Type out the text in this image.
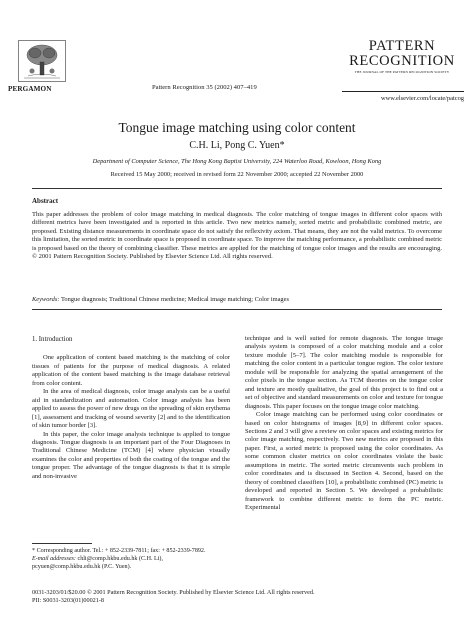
PERGAMON	Pattern Recognition 35 (2002) 407–419
PATTERN
RECOGNITION
THE JOURNAL OF THE PATTERN RECOGNITION SOCIETY
www.elsevier.com/locate/patcog
Tongue image matching using color content
C.H. Li, Pong C. Yuen*
Department of Computer Science, The Hong Kong Baptist University, 224 Waterloo Road, Kowloon, Hong Kong
Received 15 May 2000; received in revised form 22 November 2000; accepted 22 November 2000
Abstract
This paper addresses the problem of color image matching in medical diagnosis. The color matching of tongue images in different color spaces with different metrics have been investigated and is reported in this article. Two new metrics namely, sorted metric and probabilistic combined metric, are proposed. Existing distance measurements in coordinate space do not satisfy the reflexivity axiom. That means, they are not the valid metrics. To overcome this limitation, the sorted metric in coordinate space is proposed in coordinate space. To improve the matching performance, a probabilistic combined metric is proposed based on the theory of combining classifier. These metrics are applied for the matching of tongue color images and the results are encouraging. © 2001 Pattern Recognition Society. Published by Elsevier Science Ltd. All rights reserved.
Keywords: Tongue diagnosis; Traditional Chinese medicine; Medical image matching; Color images
1. Introduction

One application of content based matching is the matching of color tissues of patients for the purpose of medical diagnosis. A related application of the content based matching is the image database retrieval from color content.

In the area of medical diagnosis, color image analysis can be a useful aid in standardization and automation. Color image analysis has been applied to assess the power of new drugs on the spreading of skin erythema [1], assessment and tracking of wound severity [2] and to the identification of skin tumor border [3].

In this paper, the color image analysis technique is applied to tongue diagnosis. Tongue diagnosis is an important part of the Four Diagnoses in Traditional Chinese Medicine (TCM) [4] where physician visually examines the color and properties of both the coating of the tongue and the tongue proper. The advantage of the tongue diagnosis is that it is simple and non-invasive

technique and is well suited for remote diagnosis. The tongue image analysis system is composed of a color matching module and a color texture module [5–7]. The color matching module is responsible for matching the color content in a particular tongue region. The color texture module will be responsible for analyzing the spatial arrangement of the color pixels in the tongue section. As TCM theories on the tongue color and texture are mostly qualitative, the goal of this project is to find out a set of objective and standard measurements on color and texture for tongue diagnosis. This paper focuses on the tongue image color matching.

Color image matching can be performed using color coordinates or based on color histograms of images [8,9] in different color spaces. Sections 2 and 3 will give a review on color spaces and existing metrics for color image matching, respectively. Two new metrics are proposed in this paper. First, a sorted metric is proposed using the color coordinates. As some common cluster metrics on color coordinates violate the basic assumptions in metric. The sorted metric circumvents such problem in color coordinates and is discussed in Section 4. Second, based on the theory of combined classifiers [10], a probabilistic combined (PC) metric is developed and reported in Section 5. We developed a probabilistic framework to combine different metric to form the PC metric. Experimental

* Corresponding author. Tel.: + 852-2339-7811; fax: + 852-2339-7892.
E-mail addresses: chli@comp.hkbu.edu.hk (C.H. Li), pcyuen@comp.hkbu.edu.hk (P.C. Yuen).
0031-3203/01/$20.00 © 2001 Pattern Recognition Society. Published by Elsevier Science Ltd. All rights reserved.
PII: S0031-3203(01)00021-8
